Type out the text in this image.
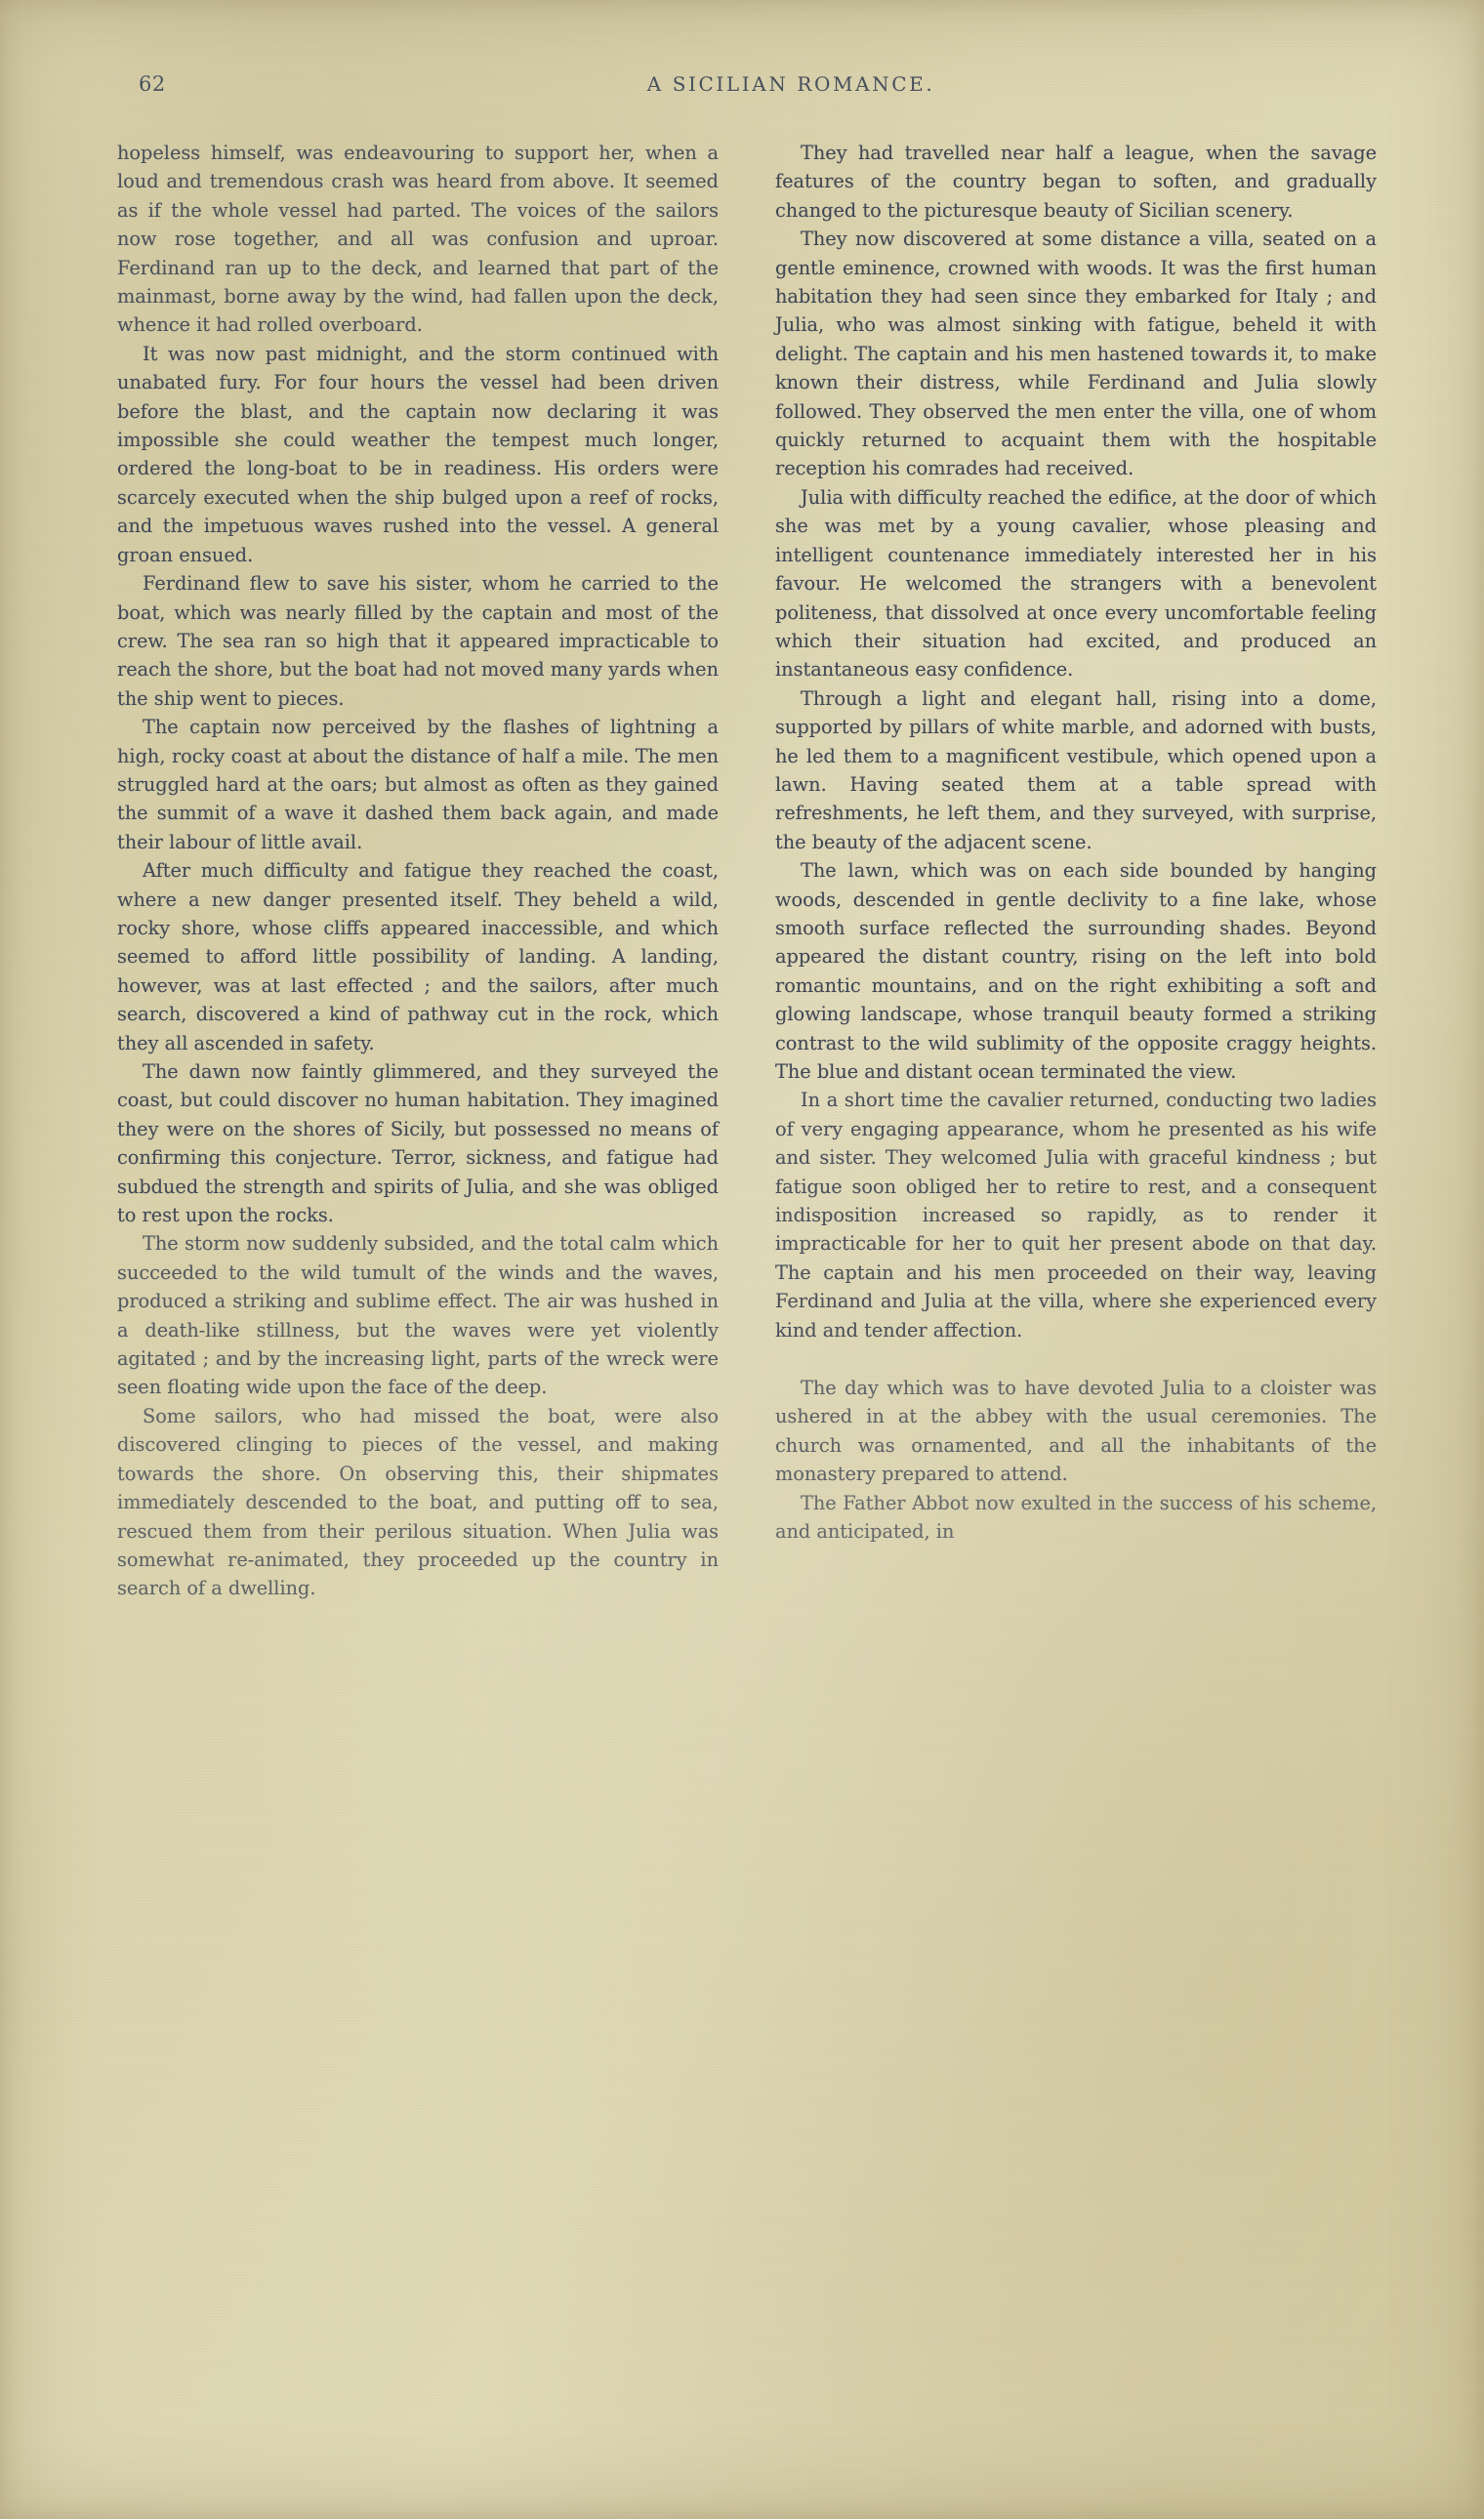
62	A SICILIAN ROMANCE.

hopeless himself, was endeavouring to support her, when a loud and tremendous crash was heard from above. It seemed as if the whole vessel had parted. The voices of the sailors now rose together, and all was confusion and uproar. Ferdinand ran up to the deck, and learned that part of the mainmast, borne away by the wind, had fallen upon the deck, whence it had rolled overboard.

It was now past midnight, and the storm continued with unabated fury. For four hours the vessel had been driven before the blast, and the captain now declaring it was impossible she could weather the tempest much longer, ordered the long-boat to be in readiness. His orders were scarcely executed when the ship bulged upon a reef of rocks, and the impetuous waves rushed into the vessel. A general groan ensued.

Ferdinand flew to save his sister, whom he carried to the boat, which was nearly filled by the captain and most of the crew. The sea ran so high that it appeared impracticable to reach the shore, but the boat had not moved many yards when the ship went to pieces.

The captain now perceived by the flashes of lightning a high, rocky coast at about the distance of half a mile. The men struggled hard at the oars; but almost as often as they gained the summit of a wave it dashed them back again, and made their labour of little avail.

After much difficulty and fatigue they reached the coast, where a new danger presented itself. They beheld a wild, rocky shore, whose cliffs appeared inaccessible, and which seemed to afford little possibility of landing. A landing, however, was at last effected ; and the sailors, after much search, discovered a kind of pathway cut in the rock, which they all ascended in safety.

The dawn now faintly glimmered, and they surveyed the coast, but could discover no human habitation. They imagined they were on the shores of Sicily, but possessed no means of confirming this conjecture. Terror, sickness, and fatigue had subdued the strength and spirits of Julia, and she was obliged to rest upon the rocks.

The storm now suddenly subsided, and the total calm which succeeded to the wild tumult of the winds and the waves, produced a striking and sublime effect. The air was hushed in a death-like stillness, but the waves were yet violently agitated ; and by the increasing light, parts of the wreck were seen floating wide upon the face of the deep.

Some sailors, who had missed the boat, were also discovered clinging to pieces of the vessel, and making towards the shore. On observing this, their shipmates immediately descended to the boat, and putting off to sea, rescued them from their perilous situation. When Julia was somewhat re-animated, they proceeded up the country in search of a dwelling.

They had travelled near half a league, when the savage features of the country began to soften, and gradually changed to the picturesque beauty of Sicilian scenery.

They now discovered at some distance a villa, seated on a gentle eminence, crowned with woods. It was the first human habitation they had seen since they embarked for Italy ; and Julia, who was almost sinking with fatigue, beheld it with delight. The captain and his men hastened towards it, to make known their distress, while Ferdinand and Julia slowly followed. They observed the men enter the villa, one of whom quickly returned to acquaint them with the hospitable reception his comrades had received.

Julia with difficulty reached the edifice, at the door of which she was met by a young cavalier, whose pleasing and intelligent countenance immediately interested her in his favour. He welcomed the strangers with a benevolent politeness, that dissolved at once every uncomfortable feeling which their situation had excited, and produced an instantaneous easy confidence.

Through a light and elegant hall, rising into a dome, supported by pillars of white marble, and adorned with busts, he led them to a magnificent vestibule, which opened upon a lawn. Having seated them at a table spread with refreshments, he left them, and they surveyed, with surprise, the beauty of the adjacent scene.

The lawn, which was on each side bounded by hanging woods, descended in gentle declivity to a fine lake, whose smooth surface reflected the surrounding shades. Beyond appeared the distant country, rising on the left into bold romantic mountains, and on the right exhibiting a soft and glowing landscape, whose tranquil beauty formed a striking contrast to the wild sublimity of the opposite craggy heights. The blue and distant ocean terminated the view.

In a short time the cavalier returned, conducting two ladies of very engaging appearance, whom he presented as his wife and sister. They welcomed Julia with graceful kindness ; but fatigue soon obliged her to retire to rest, and a consequent indisposition increased so rapidly, as to render it impracticable for her to quit her present abode on that day. The captain and his men proceeded on their way, leaving Ferdinand and Julia at the villa, where she experienced every kind and tender affection.

The day which was to have devoted Julia to a cloister was ushered in at the abbey with the usual ceremonies. The church was ornamented, and all the inhabitants of the monastery prepared to attend.

The Father Abbot now exulted in the success of his scheme, and anticipated, in
